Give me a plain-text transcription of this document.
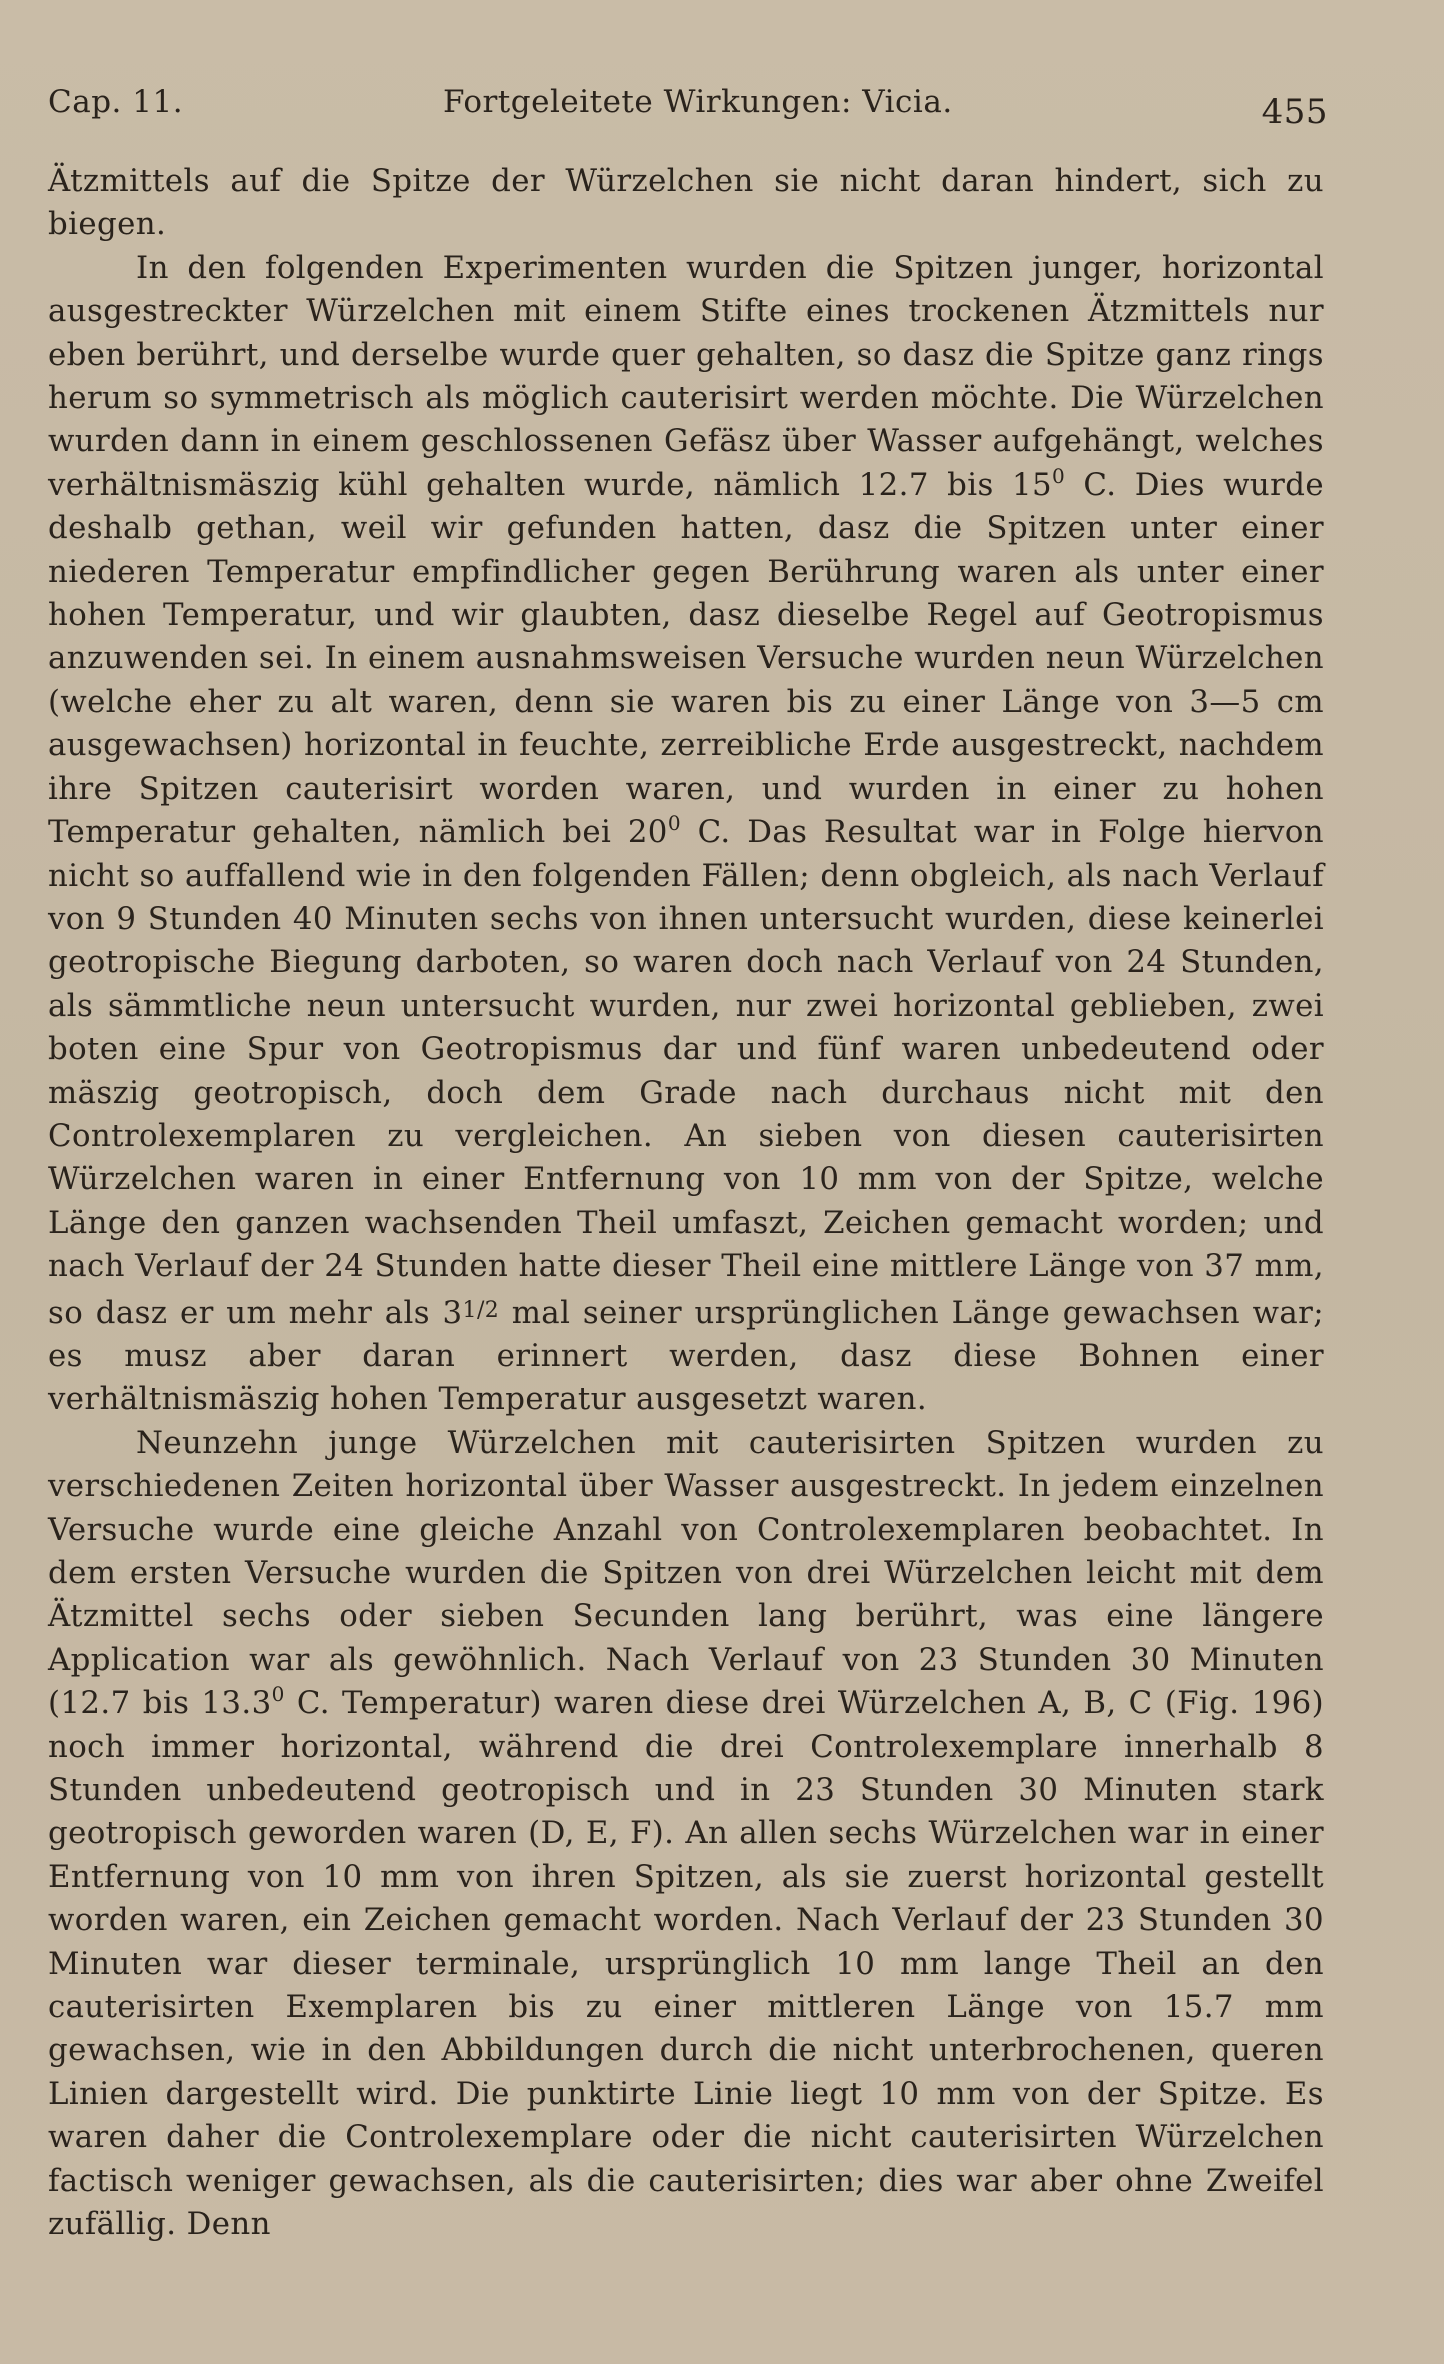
Cap. 11.	Fortgeleitete Wirkungen: Vicia.	455

Ätzmittels auf die Spitze der Würzelchen sie nicht daran hindert, sich zu biegen.

In den folgenden Experimenten wurden die Spitzen junger, horizontal ausgestreckter Würzelchen mit einem Stifte eines trockenen Ätzmittels nur eben berührt, und derselbe wurde quer gehalten, so dasz die Spitze ganz rings herum so symmetrisch als möglich cauterisirt werden möchte. Die Würzelchen wurden dann in einem geschlossenen Gefäsz über Wasser aufgehängt, welches verhältnismäszig kühl gehalten wurde, nämlich 12.7 bis $15^0$ C. Dies wurde deshalb gethan, weil wir gefunden hatten, dasz die Spitzen unter einer niederen Temperatur empfindlicher gegen Berührung waren als unter einer hohen Temperatur, und wir glaubten, dasz dieselbe Regel auf Geotropismus anzuwenden sei. In einem ausnahmsweisen Versuche wurden neun Würzelchen (welche eher zu alt waren, denn sie waren bis zu einer Länge von 3—5 cm ausgewachsen) horizontal in feuchte, zerreibliche Erde ausgestreckt, nachdem ihre Spitzen cauterisirt worden waren, und wurden in einer zu hohen Temperatur gehalten, nämlich bei $20^0$ C. Das Resultat war in Folge hiervon nicht so auffallend wie in den folgenden Fällen; denn obgleich, als nach Verlauf von 9 Stunden 40 Minuten sechs von ihnen untersucht wurden, diese keinerlei geotropische Biegung darboten, so waren doch nach Verlauf von 24 Stunden, als sämmtliche neun untersucht wurden, nur zwei horizontal geblieben, zwei boten eine Spur von Geotropismus dar und fünf waren unbedeutend oder mäszig geotropisch, doch dem Grade nach durchaus nicht mit den Controlexemplaren zu vergleichen. An sieben von diesen cauterisirten Würzelchen waren in einer Entfernung von 10 mm von der Spitze, welche Länge den ganzen wachsenden Theil umfaszt, Zeichen gemacht worden; und nach Verlauf der 24 Stunden hatte dieser Theil eine mittlere Länge von 37 mm, so dasz er um mehr als 31/2 mal seiner ursprünglichen Länge gewachsen war; es musz aber daran erinnert werden, dasz diese Bohnen einer verhältnismäszig hohen Temperatur ausgesetzt waren.

Neunzehn junge Würzelchen mit cauterisirten Spitzen wurden zu verschiedenen Zeiten horizontal über Wasser ausgestreckt. In jedem einzelnen Versuche wurde eine gleiche Anzahl von Controlexemplaren beobachtet. In dem ersten Versuche wurden die Spitzen von drei Würzelchen leicht mit dem Ätzmittel sechs oder sieben Secunden lang berührt, was eine längere Application war als gewöhnlich. Nach Verlauf von 23 Stunden 30 Minuten (12.7 bis 13.3$^0$ C. Temperatur) waren diese drei Würzelchen A, B, C (Fig. 196) noch immer horizontal, während die drei Controlexemplare innerhalb 8 Stunden unbedeutend geotropisch und in 23 Stunden 30 Minuten stark geotropisch geworden waren (D, E, F). An allen sechs Würzelchen war in einer Entfernung von 10 mm von ihren Spitzen, als sie zuerst horizontal gestellt worden waren, ein Zeichen gemacht worden. Nach Verlauf der 23 Stunden 30 Minuten war dieser terminale, ursprünglich 10 mm lange Theil an den cauterisirten Exemplaren bis zu einer mittleren Länge von 15.7 mm gewachsen, wie in den Abbildungen durch die nicht unterbrochenen, queren Linien dargestellt wird. Die punktirte Linie liegt 10 mm von der Spitze. Es waren daher die Controlexemplare oder die nicht cauterisirten Würzelchen factisch weniger gewachsen, als die cauterisirten; dies war aber ohne Zweifel zufällig. Denn
